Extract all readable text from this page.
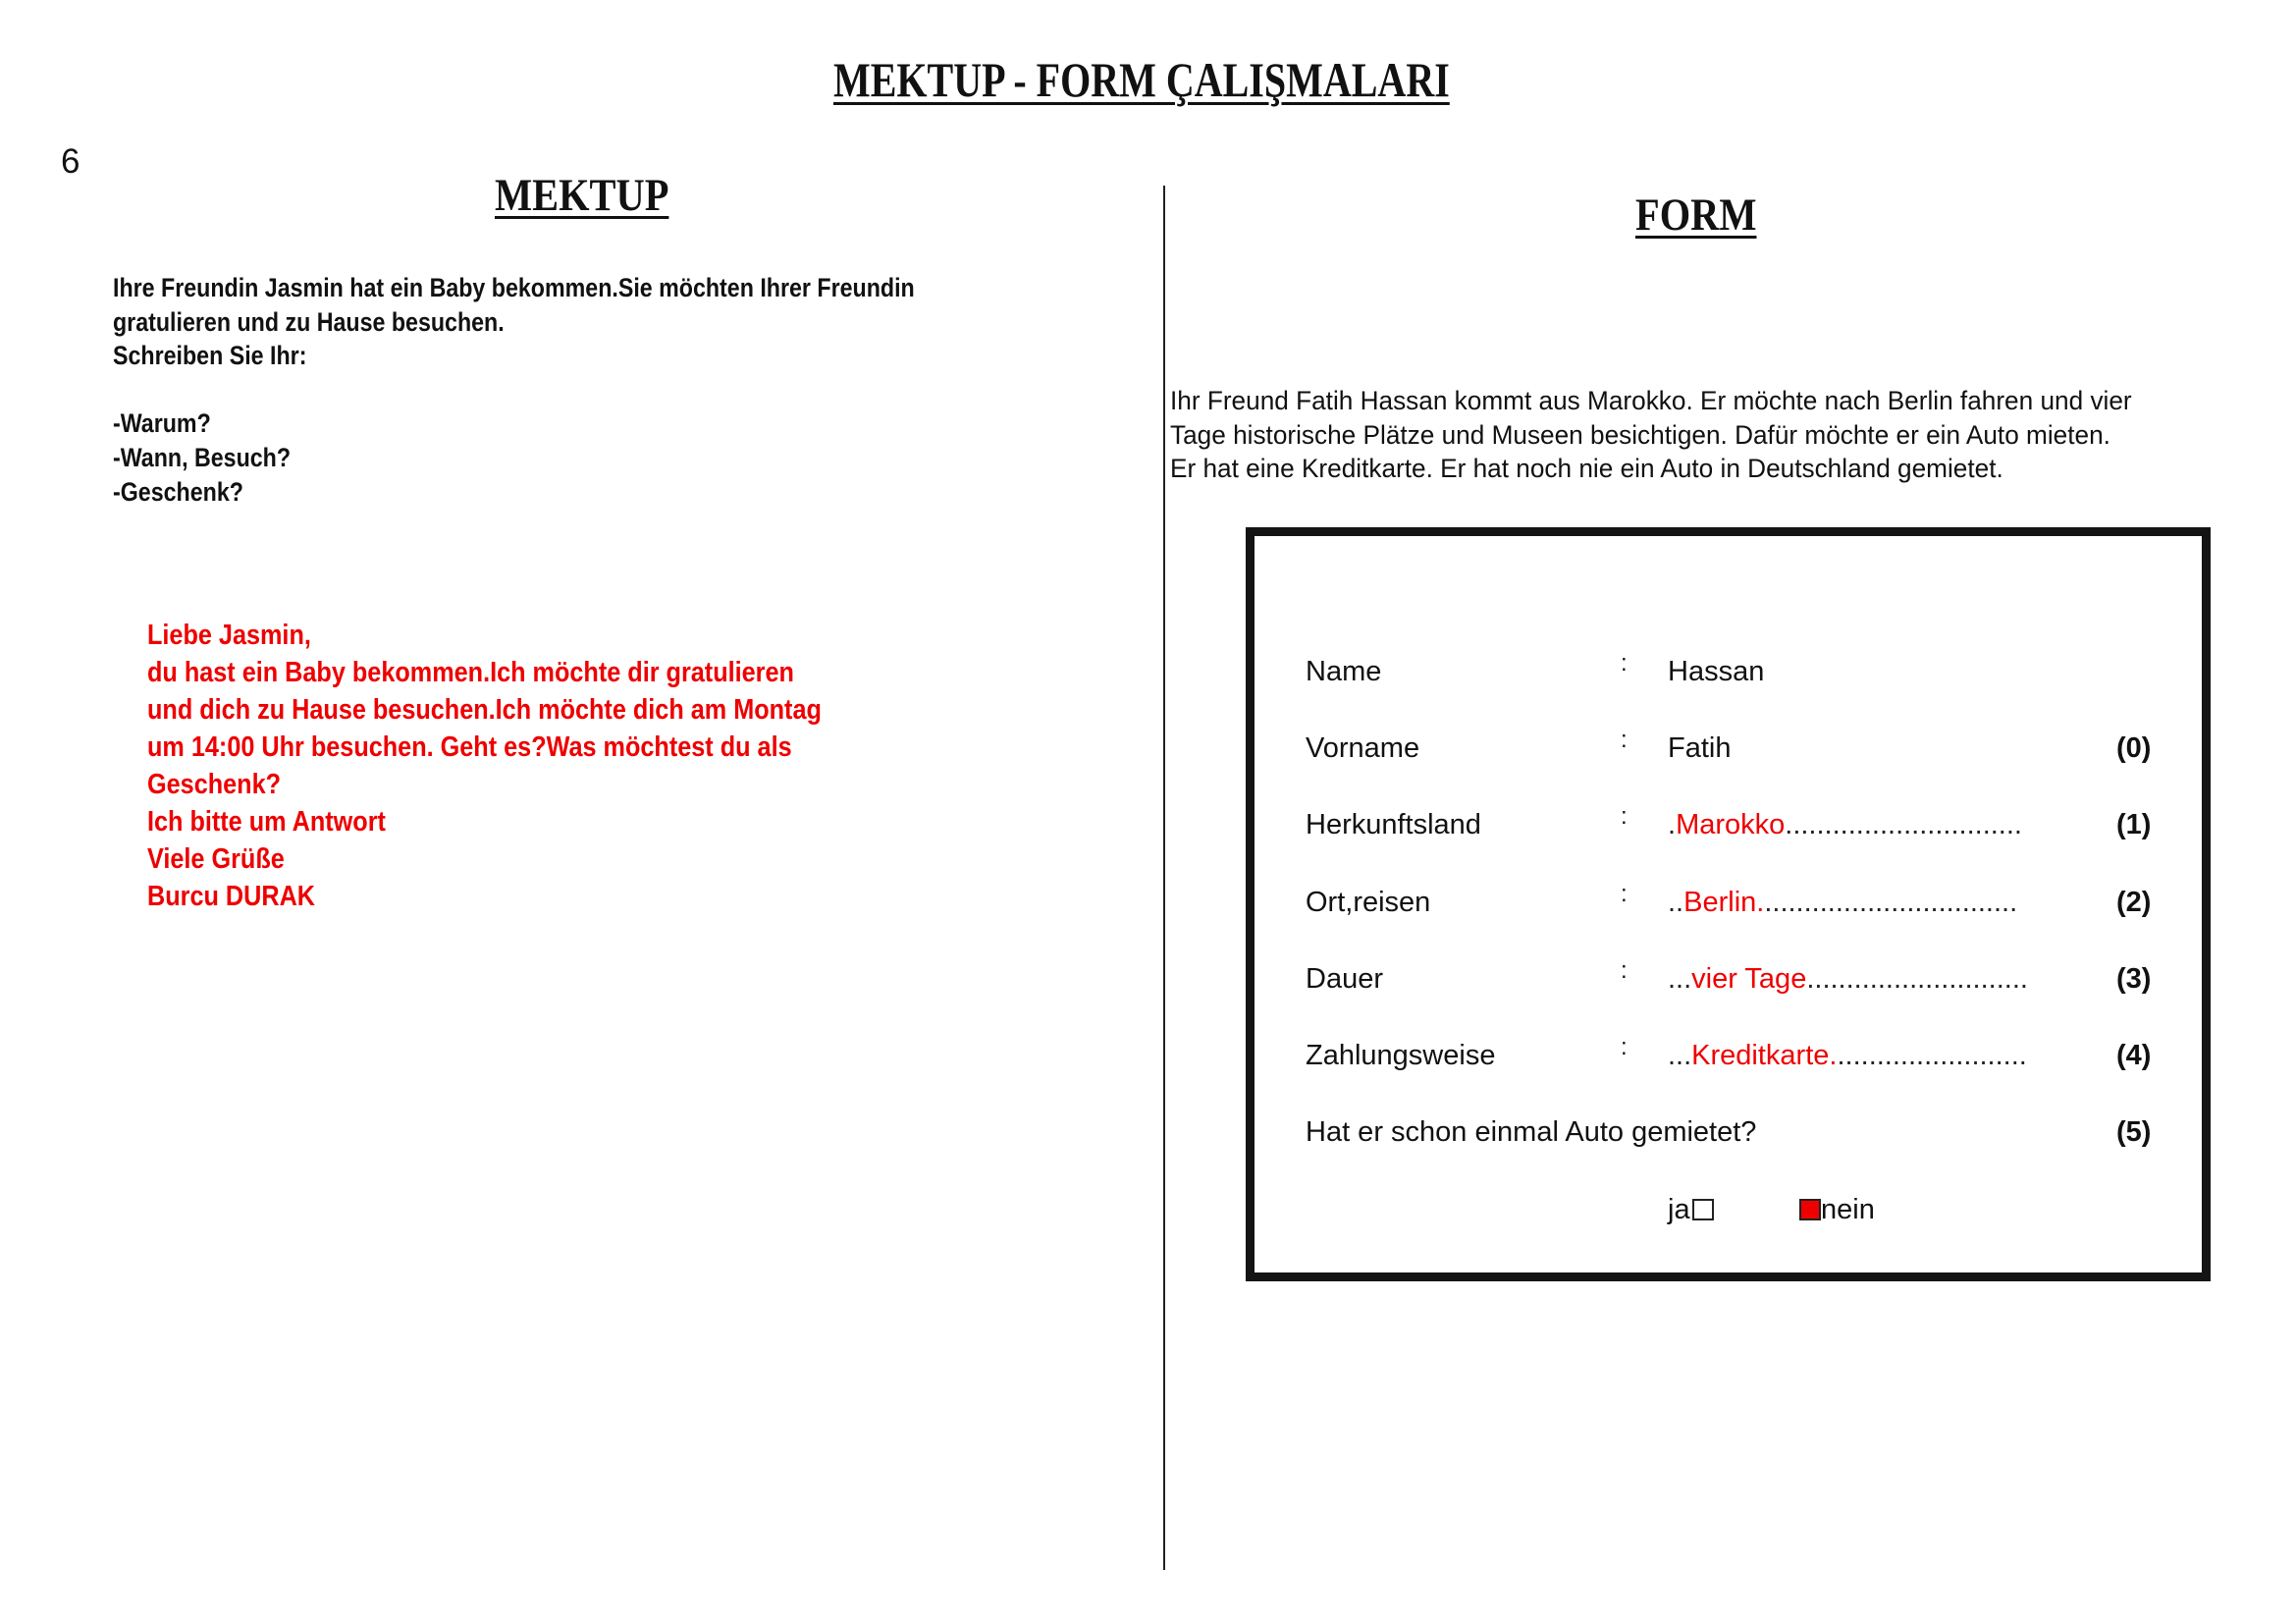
MEKTUP - FORM ÇALIŞMALARI
6
MEKTUP
Ihre Freundin Jasmin hat ein Baby bekommen.Sie möchten Ihrer Freundin
gratulieren und zu Hause besuchen.
Schreiben Sie Ihr:
-Warum?
-Wann, Besuch?
-Geschenk?
Liebe Jasmin,
du hast ein Baby bekommen.Ich möchte dir gratulieren
und dich zu Hause besuchen.Ich möchte dich am Montag
um 14:00 Uhr besuchen. Geht es?Was möchtest du als
Geschenk?
Ich bitte um Antwort
Viele Grüße
Burcu DURAK
FORM
Ihr Freund Fatih Hassan kommt aus Marokko. Er möchte nach Berlin fahren und vier
Tage historische Plätze und Museen besichtigen. Dafür möchte er ein Auto mieten.
Er hat eine Kreditkarte. Er hat noch nie ein Auto in Deutschland gemietet.
Name	: Hassan
Vorname	: Fatih	(0)
Herkunftsland	: .Marokko..............................	(1)
Ort,reisen	: ..Berlin.................................	(2)
Dauer	: ...vier Tage............................	(3)
Zahlungsweise	: ...Kreditkarte.........................	(4)
Hat er schon einmal Auto gemietet?	(5)
ja	nein
